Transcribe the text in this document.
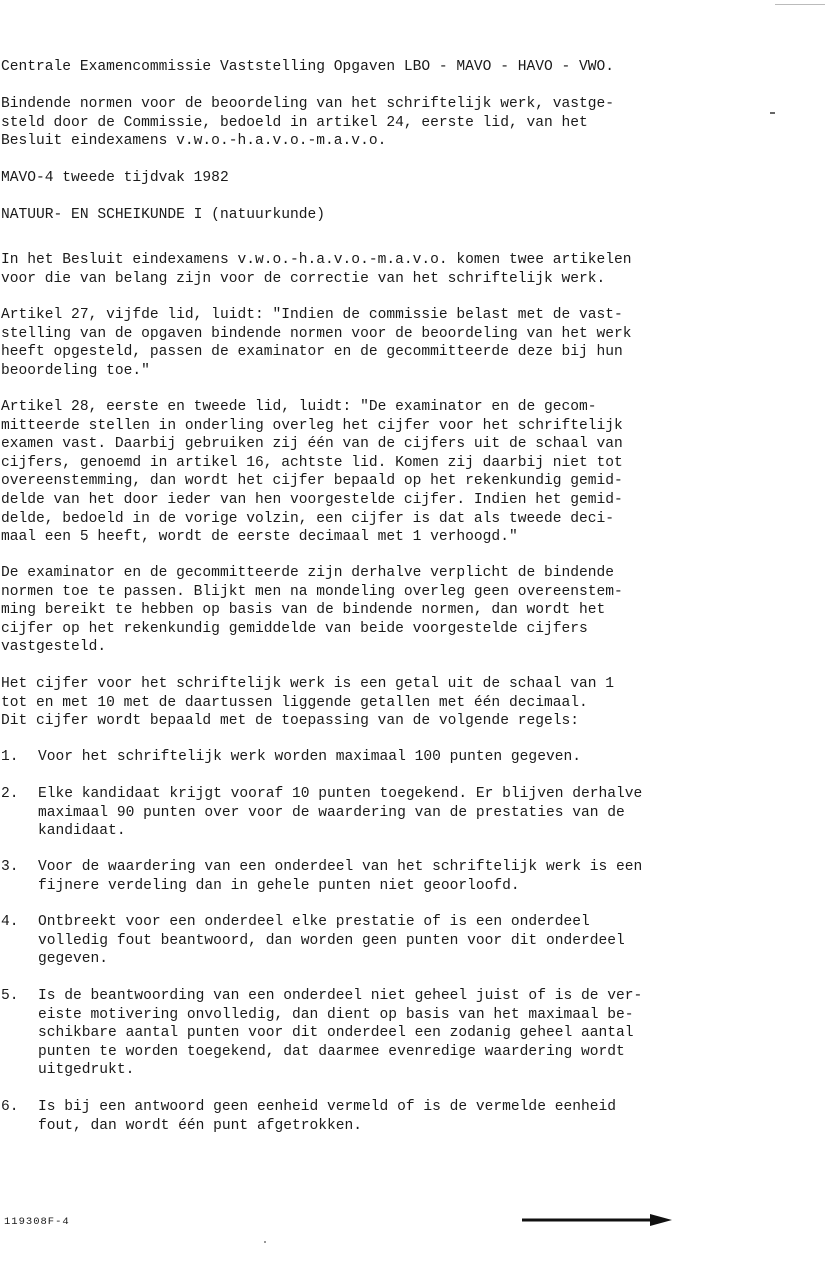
Centrale Examencommissie Vaststelling Opgaven LBO - MAVO - HAVO - VWO.

Bindende normen voor de beoordeling van het schriftelijk werk, vastge-
steld door de Commissie, bedoeld in artikel 24, eerste lid, van het
Besluit eindexamens v.w.o.-h.a.v.o.-m.a.v.o.

MAVO-4 tweede tijdvak 1982

NATUUR- EN SCHEIKUNDE I (natuurkunde)

In het Besluit eindexamens v.w.o.-h.a.v.o.-m.a.v.o. komen twee artikelen
voor die van belang zijn voor de correctie van het schriftelijk werk.

Artikel 27, vijfde lid, luidt: "Indien de commissie belast met de vast-
stelling van de opgaven bindende normen voor de beoordeling van het werk
heeft opgesteld, passen de examinator en de gecommitteerde deze bij hun
beoordeling toe."

Artikel 28, eerste en tweede lid, luidt: "De examinator en de gecom-
mitteerde stellen in onderling overleg het cijfer voor het schriftelijk
examen vast. Daarbij gebruiken zij één van de cijfers uit de schaal van
cijfers, genoemd in artikel 16, achtste lid. Komen zij daarbij niet tot
overeenstemming, dan wordt het cijfer bepaald op het rekenkundig gemid-
delde van het door ieder van hen voorgestelde cijfer. Indien het gemid-
delde, bedoeld in de vorige volzin, een cijfer is dat als tweede deci-
maal een 5 heeft, wordt de eerste decimaal met 1 verhoogd."

De examinator en de gecommitteerde zijn derhalve verplicht de bindende
normen toe te passen. Blijkt men na mondeling overleg geen overeenstem-
ming bereikt te hebben op basis van de bindende normen, dan wordt het
cijfer op het rekenkundig gemiddelde van beide voorgestelde cijfers
vastgesteld.

Het cijfer voor het schriftelijk werk is een getal uit de schaal van 1
tot en met 10 met de daartussen liggende getallen met één decimaal.
Dit cijfer wordt bepaald met de toepassing van de volgende regels:

1. Voor het schriftelijk werk worden maximaal 100 punten gegeven.
2. Elke kandidaat krijgt vooraf 10 punten toegekend. Er blijven derhalve
maximaal 90 punten over voor de waardering van de prestaties van de
kandidaat.
3. Voor de waardering van een onderdeel van het schriftelijk werk is een
fijnere verdeling dan in gehele punten niet geoorloofd.
4. Ontbreekt voor een onderdeel elke prestatie of is een onderdeel
volledig fout beantwoord, dan worden geen punten voor dit onderdeel
gegeven.
5. Is de beantwoording van een onderdeel niet geheel juist of is de ver-
eiste motivering onvolledig, dan dient op basis van het maximaal be-
schikbare aantal punten voor dit onderdeel een zodanig geheel aantal
punten te worden toegekend, dat daarmee evenredige waardering wordt
uitgedrukt.
6. Is bij een antwoord geen eenheid vermeld of is de vermelde eenheid
fout, dan wordt één punt afgetrokken.
119308F-4
